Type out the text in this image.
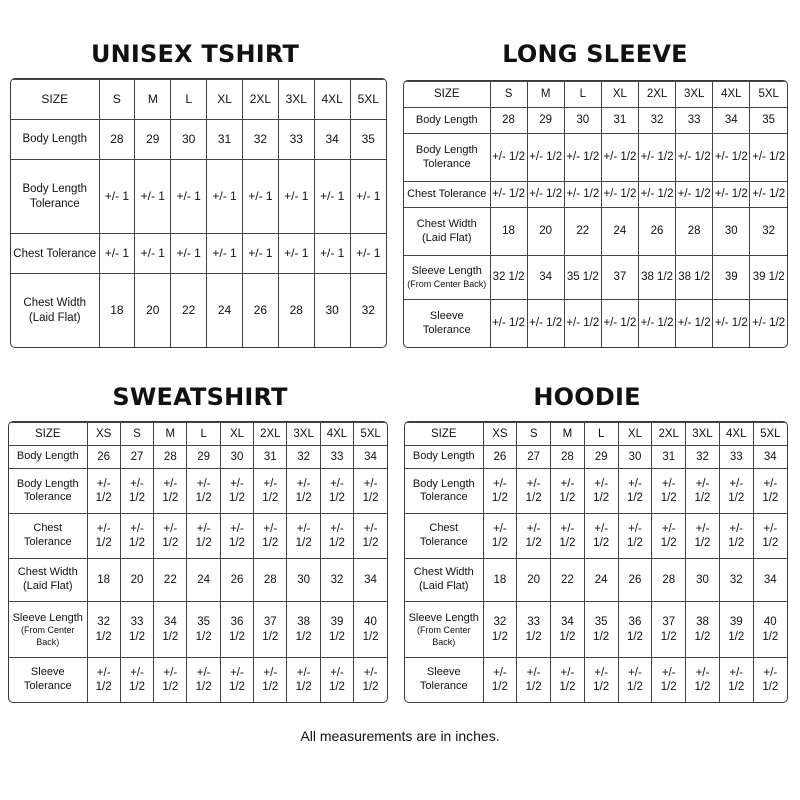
UNISEX TSHIRT
SIZE	S	M	L	XL	2XL	3XL	4XL	5XL
Body Length	28	29	30	31	32	33	34	35
Body Length Tolerance	+/- 1	+/- 1	+/- 1	+/- 1	+/- 1	+/- 1	+/- 1	+/- 1
Chest Tolerance	+/- 1	+/- 1	+/- 1	+/- 1	+/- 1	+/- 1	+/- 1	+/- 1
Chest Width (Laid Flat)	18	20	22	24	26	28	30	32
LONG SLEEVE
SIZE	S	M	L	XL	2XL	3XL	4XL	5XL
Body Length	28	29	30	31	32	33	34	35
Body Length Tolerance	+/- 1/2	+/- 1/2	+/- 1/2	+/- 1/2	+/- 1/2	+/- 1/2	+/- 1/2	+/- 1/2
Chest Tolerance	+/- 1/2	+/- 1/2	+/- 1/2	+/- 1/2	+/- 1/2	+/- 1/2	+/- 1/2	+/- 1/2
Chest Width (Laid Flat)	18	20	22	24	26	28	30	32
Sleeve Length
(From Center Back)	32 1/2	34	35 1/2	37	38 1/2	38 1/2	39	39 1/2
Sleeve Tolerance	+/- 1/2	+/- 1/2	+/- 1/2	+/- 1/2	+/- 1/2	+/- 1/2	+/- 1/2	+/- 1/2
SWEATSHIRT
SIZE	XS	S	M	L	XL	2XL	3XL	4XL	5XL
Body Length	26	27	28	29	30	31	32	33	34
Body Length Tolerance	+/- 1/2	+/- 1/2	+/- 1/2	+/- 1/2	+/- 1/2	+/- 1/2	+/- 1/2	+/- 1/2	+/- 1/2
Chest Tolerance	+/- 1/2	+/- 1/2	+/- 1/2	+/- 1/2	+/- 1/2	+/- 1/2	+/- 1/2	+/- 1/2	+/- 1/2
Chest Width (Laid Flat)	18	20	22	24	26	28	30	32	34
Sleeve Length
(From Center Back)	32 1/2	33 1/2	34 1/2	35 1/2	36 1/2	37 1/2	38 1/2	39 1/2	40 1/2
Sleeve Tolerance	+/- 1/2	+/- 1/2	+/- 1/2	+/- 1/2	+/- 1/2	+/- 1/2	+/- 1/2	+/- 1/2	+/- 1/2
HOODIE
SIZE	XS	S	M	L	XL	2XL	3XL	4XL	5XL
Body Length	26	27	28	29	30	31	32	33	34
Body Length Tolerance	+/- 1/2	+/- 1/2	+/- 1/2	+/- 1/2	+/- 1/2	+/- 1/2	+/- 1/2	+/- 1/2	+/- 1/2
Chest Tolerance	+/- 1/2	+/- 1/2	+/- 1/2	+/- 1/2	+/- 1/2	+/- 1/2	+/- 1/2	+/- 1/2	+/- 1/2
Chest Width (Laid Flat)	18	20	22	24	26	28	30	32	34
Sleeve Length
(From Center Back)	32 1/2	33 1/2	34 1/2	35 1/2	36 1/2	37 1/2	38 1/2	39 1/2	40 1/2
Sleeve Tolerance	+/- 1/2	+/- 1/2	+/- 1/2	+/- 1/2	+/- 1/2	+/- 1/2	+/- 1/2	+/- 1/2	+/- 1/2
All measurements are in inches.
